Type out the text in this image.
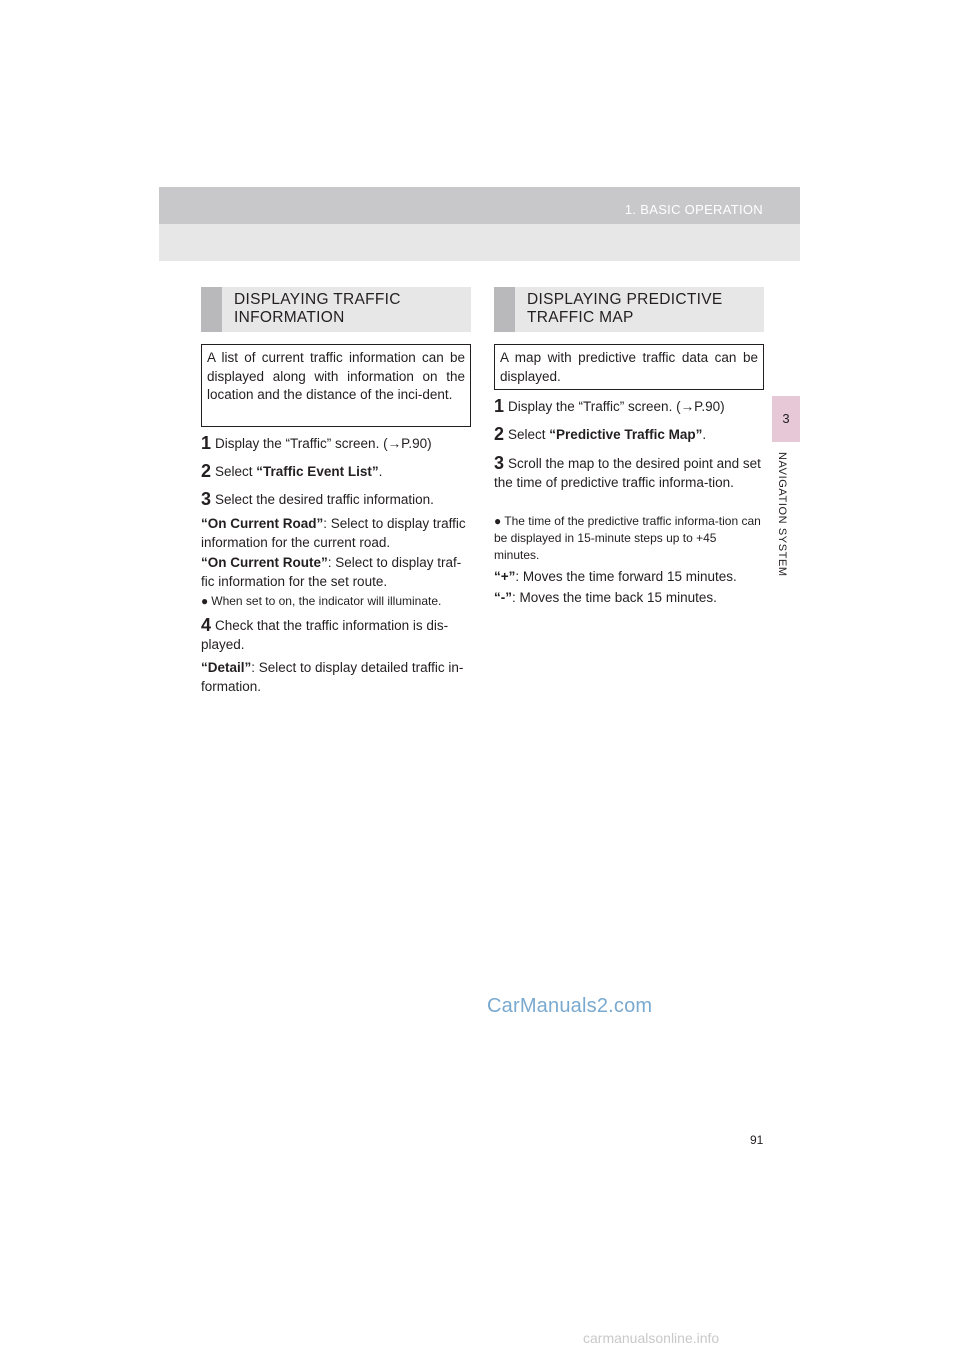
1. BASIC OPERATION
3
NAVIGATION SYSTEM
DISPLAYING TRAFFIC
INFORMATION
A list of current traffic information can be displayed along with information on the location and the distance of the inci-dent.
1 Display the “Traffic” screen. (→P.90)
2 Select “Traffic Event List”.
3 Select the desired traffic information.
“On Current Road”: Select to display traffic information for the current road.
“On Current Route”: Select to display traf-fic information for the set route.
● When set to on, the indicator will illuminate.
4 Check that the traffic information is dis-played.
“Detail”: Select to display detailed traffic in-formation.
DISPLAYING PREDICTIVE
TRAFFIC MAP
A map with predictive traffic data can be displayed.
1 Display the “Traffic” screen. (→P.90)
2 Select “Predictive Traffic Map”.
3 Scroll the map to the desired point and set the time of predictive traffic informa-tion.
● The time of the predictive traffic informa-tion can be displayed in 15-minute steps up to +45 minutes.
“+”: Moves the time forward 15 minutes.
“-”: Moves the time back 15 minutes.
CarManuals2.com
91
carmanualsonline.info
